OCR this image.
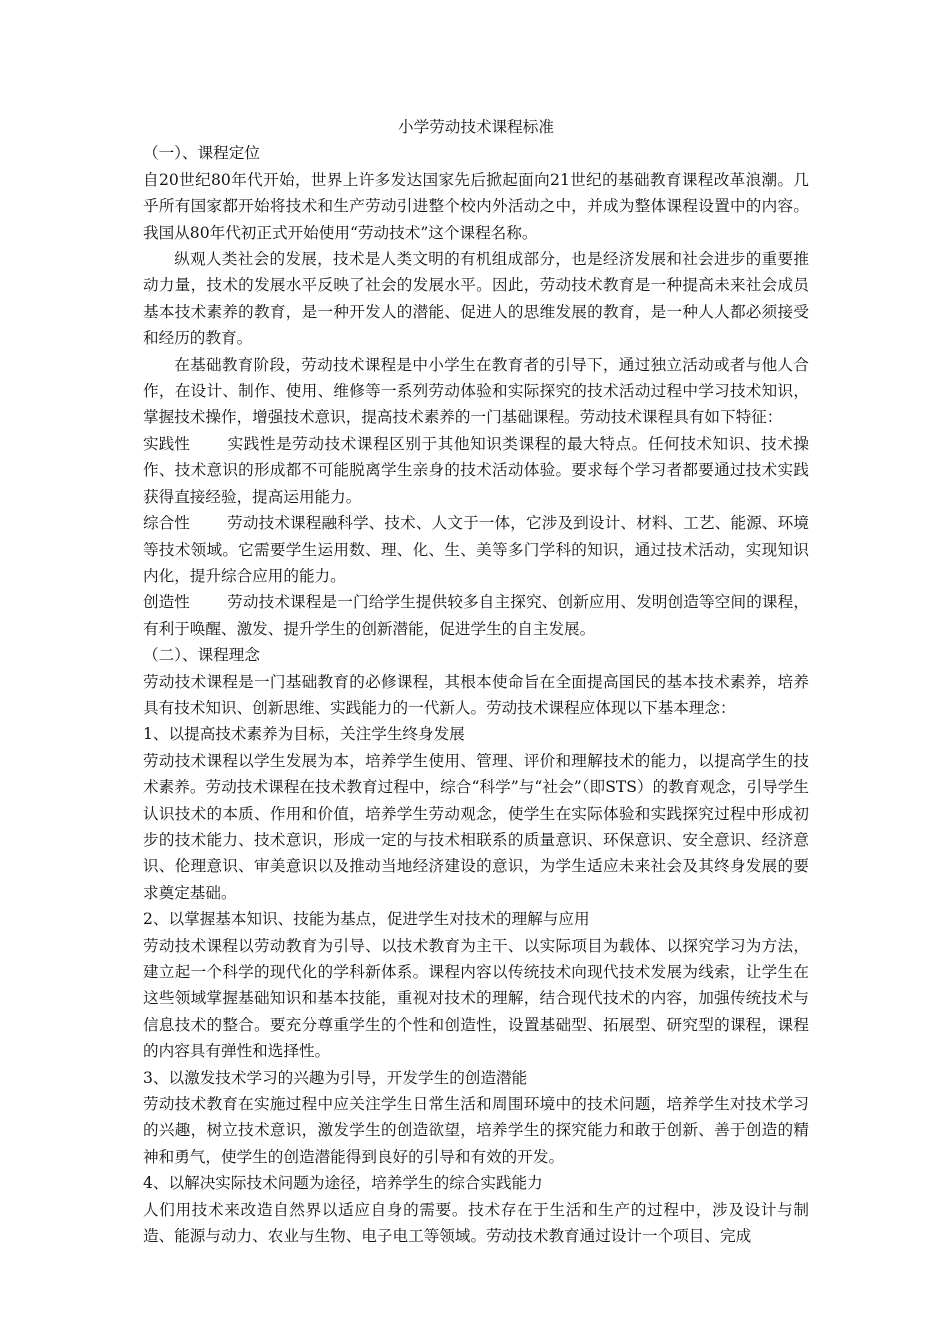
小学劳动技术课程标准

（一）、课程定位

自20世纪80年代开始，世界上许多发达国家先后掀起面向21世纪的基础教育课程改革浪潮。几乎所有国家都开始将技术和生产劳动引进整个校内外活动之中，并成为整体课程设置中的内容。我国从80年代初正式开始使用“劳动技术”这个课程名称。

纵观人类社会的发展，技术是人类文明的有机组成部分，也是经济发展和社会进步的重要推动力量，技术的发展水平反映了社会的发展水平。因此，劳动技术教育是一种提高未来社会成员基本技术素养的教育，是一种开发人的潜能、促进人的思维发展的教育，是一种人人都必须接受和经历的教育。

在基础教育阶段，劳动技术课程是中小学生在教育者的引导下，通过独立活动或者与他人合作，在设计、制作、使用、维修等一系列劳动体验和实际探究的技术活动过程中学习技术知识，掌握技术操作，增强技术意识，提高技术素养的一门基础课程。劳动技术课程具有如下特征：

实践性 实践性是劳动技术课程区别于其他知识类课程的最大特点。任何技术知识、技术操作、技术意识的形成都不可能脱离学生亲身的技术活动体验。要求每个学习者都要通过技术实践获得直接经验，提高运用能力。

综合性 劳动技术课程融科学、技术、人文于一体，它涉及到设计、材料、工艺、能源、环境等技术领域。它需要学生运用数、理、化、生、美等多门学科的知识，通过技术活动，实现知识内化，提升综合应用的能力。

创造性 劳动技术课程是一门给学生提供较多自主探究、创新应用、发明创造等空间的课程，有利于唤醒、激发、提升学生的创新潜能，促进学生的自主发展。

（二）、课程理念

劳动技术课程是一门基础教育的必修课程，其根本使命旨在全面提高国民的基本技术素养，培养具有技术知识、创新思维、实践能力的一代新人。劳动技术课程应体现以下基本理念：

1、以提高技术素养为目标，关注学生终身发展

劳动技术课程以学生发展为本，培养学生使用、管理、评价和理解技术的能力，以提高学生的技术素养。劳动技术课程在技术教育过程中，综合“科学”与“社会”（即STS）的教育观念，引导学生认识技术的本质、作用和价值，培养学生劳动观念，使学生在实际体验和实践探究过程中形成初步的技术能力、技术意识，形成一定的与技术相联系的质量意识、环保意识、安全意识、经济意识、伦理意识、审美意识以及推动当地经济建设的意识，为学生适应未来社会及其终身发展的要求奠定基础。

2、以掌握基本知识、技能为基点，促进学生对技术的理解与应用

劳动技术课程以劳动教育为引导、以技术教育为主干、以实际项目为载体、以探究学习为方法，建立起一个科学的现代化的学科新体系。课程内容以传统技术向现代技术发展为线索，让学生在这些领域掌握基础知识和基本技能，重视对技术的理解，结合现代技术的内容，加强传统技术与信息技术的整合。要充分尊重学生的个性和创造性，设置基础型、拓展型、研究型的课程，课程的内容具有弹性和选择性。

3、以激发技术学习的兴趣为引导，开发学生的创造潜能

劳动技术教育在实施过程中应关注学生日常生活和周围环境中的技术问题，培养学生对技术学习的兴趣，树立技术意识，激发学生的创造欲望，培养学生的探究能力和敢于创新、善于创造的精神和勇气，使学生的创造潜能得到良好的引导和有效的开发。

4、以解决实际技术问题为途径，培养学生的综合实践能力

人们用技术来改造自然界以适应自身的需要。技术存在于生活和生产的过程中，涉及设计与制造、能源与动力、农业与生物、电子电工等领域。劳动技术教育通过设计一个项目、完成
